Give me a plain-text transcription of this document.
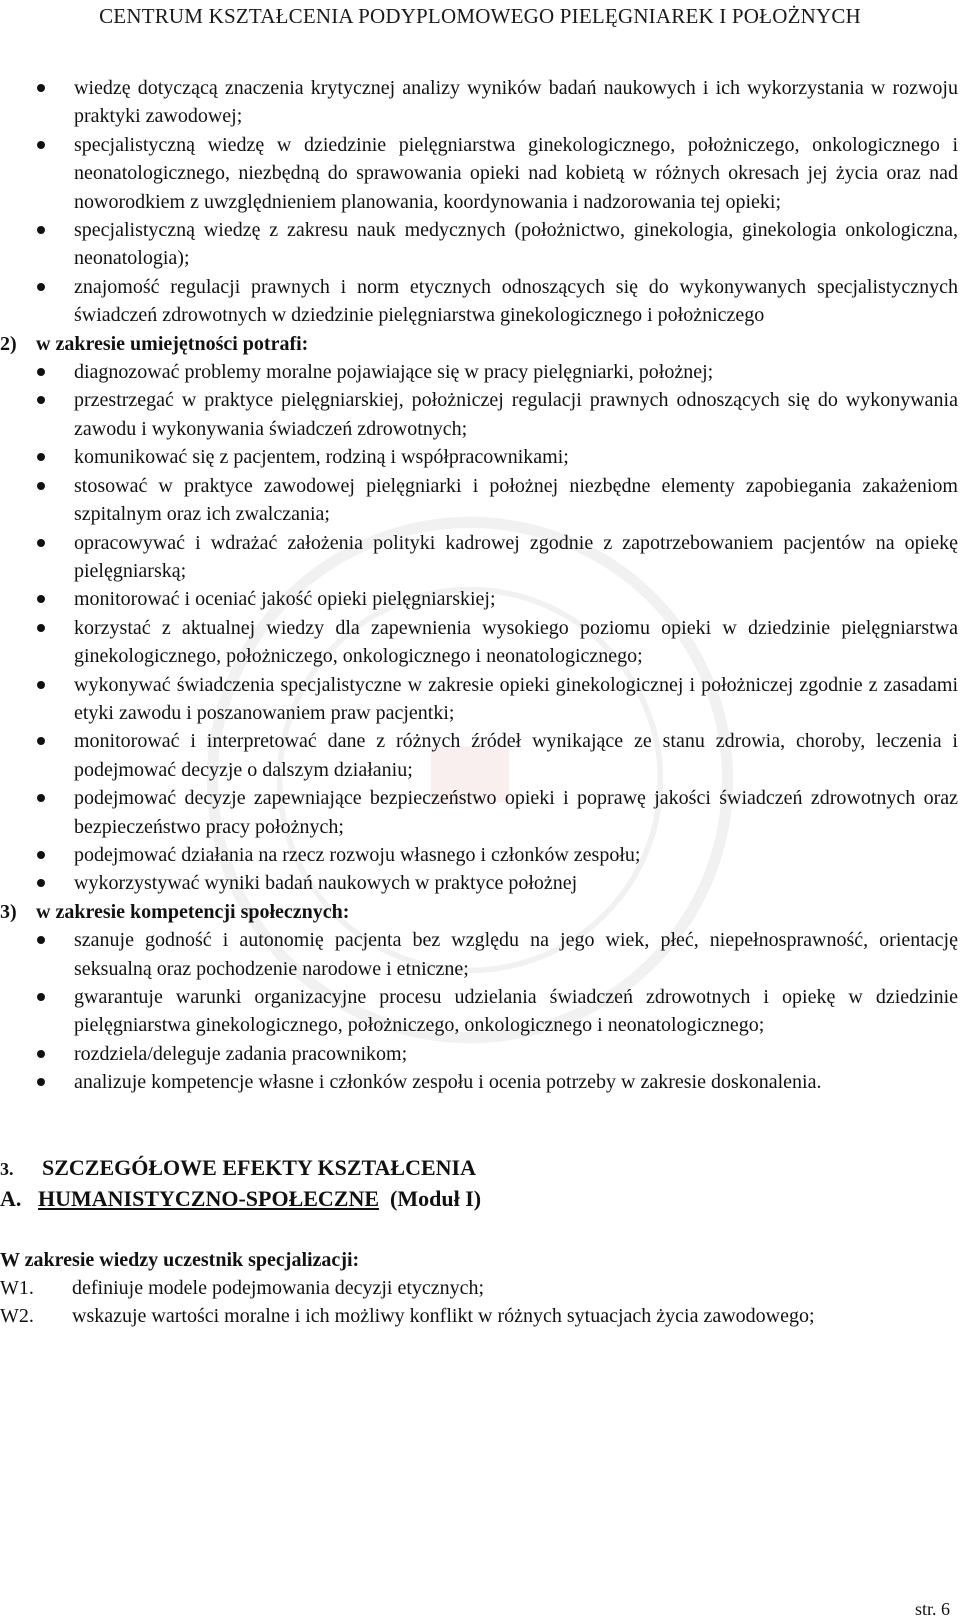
CENTRUM KSZTAŁCENIA PODYPLOMOWEGO PIELĘGNIAREK I POŁOŻNYCH
wiedzę dotyczącą znaczenia krytycznej analizy wyników badań naukowych i ich wykorzystania w rozwoju praktyki zawodowej;
specjalistyczną wiedzę w dziedzinie pielęgniarstwa ginekologicznego, położniczego, onkologicznego i neonatologicznego, niezbędną do sprawowania opieki nad kobietą w różnych okresach jej życia oraz nad noworodkiem z uwzględnieniem planowania, koordynowania i nadzorowania tej opieki;
specjalistyczną wiedzę z zakresu nauk medycznych (położnictwo, ginekologia, ginekologia onkologiczna, neonatologia);
znajomość regulacji prawnych i norm etycznych odnoszących się do wykonywanych specjalistycznych świadczeń zdrowotnych w dziedzinie pielęgniarstwa ginekologicznego i położniczego

2) w zakresie umiejętności potrafi:

diagnozować problemy moralne pojawiające się w pracy pielęgniarki, położnej;
przestrzegać w praktyce pielęgniarskiej, położniczej regulacji prawnych odnoszących się do wykonywania zawodu i wykonywania świadczeń zdrowotnych;
komunikować się z pacjentem, rodziną i współpracownikami;
stosować w praktyce zawodowej pielęgniarki i położnej niezbędne elementy zapobiegania zakażeniom szpitalnym oraz ich zwalczania;
opracowywać i wdrażać założenia polityki kadrowej zgodnie z zapotrzebowaniem pacjentów na opiekę pielęgniarską;
monitorować i oceniać jakość opieki pielęgniarskiej;
korzystać z aktualnej wiedzy dla zapewnienia wysokiego poziomu opieki w dziedzinie pielęgniarstwa ginekologicznego, położniczego, onkologicznego i neonatologicznego;
wykonywać świadczenia specjalistyczne w zakresie opieki ginekologicznej i położniczej zgodnie z zasadami etyki zawodu i poszanowaniem praw pacjentki;
monitorować i interpretować dane z różnych źródeł wynikające ze stanu zdrowia, choroby, leczenia i podejmować decyzje o dalszym działaniu;
podejmować decyzje zapewniające bezpieczeństwo opieki i poprawę jakości świadczeń zdrowotnych oraz bezpieczeństwo pracy położnych;
podejmować działania na rzecz rozwoju własnego i członków zespołu;
wykorzystywać wyniki badań naukowych w praktyce położnej

3) w zakresie kompetencji społecznych:

szanuje godność i autonomię pacjenta bez względu na jego wiek, płeć, niepełnosprawność, orientację seksualną oraz pochodzenie narodowe i etniczne;
gwarantuje warunki organizacyjne procesu udzielania świadczeń zdrowotnych i opiekę w dziedzinie pielęgniarstwa ginekologicznego, położniczego, onkologicznego i neonatologicznego;
rozdziela/deleguje zadania pracownikom;
analizuje kompetencje własne i członków zespołu i ocenia potrzeby w zakresie doskonalenia.

3. SZCZEGÓŁOWE EFEKTY KSZTAŁCENIA

A. HUMANISTYCZNO-SPOŁECZNE (Moduł I)

W zakresie wiedzy uczestnik specjalizacji:

W1. definiuje modele podejmowania decyzji etycznych;
W2. wskazuje wartości moralne i ich możliwy konflikt w różnych sytuacjach życia zawodowego;
str. 6
